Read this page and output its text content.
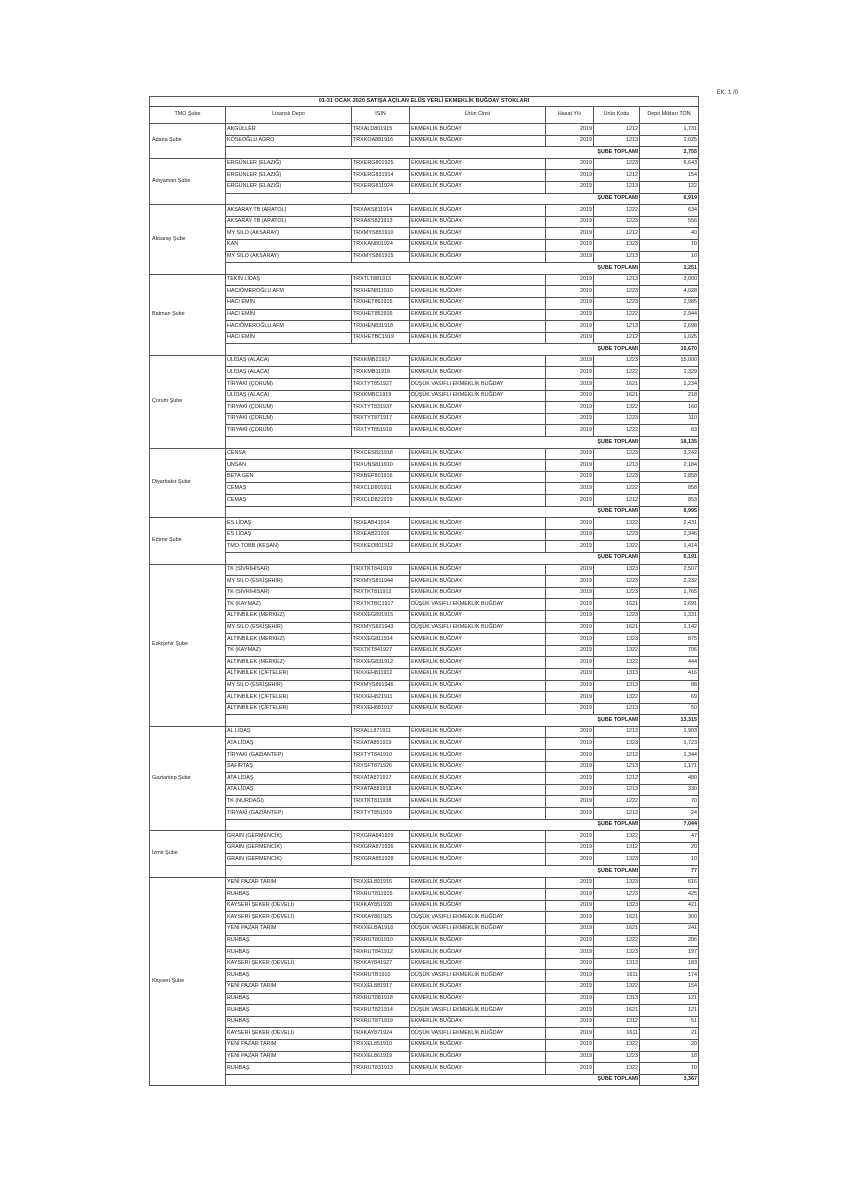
EK: 1 /0
01-31 OCAK 2020 SATIŞA AÇILAN ELÜS YERLİ EKMEKLİK BUĞDAY STOKLARI						
TMO Şube	Lisanslı Depo	ISIN	Ürün Cinsi	Hasat Yılı	Ürün Kodu	Depo Miktarı TON
Adana Şube	AKGÜLLER	TRXALD801915	EKMEKLİK BUĞDAY	2019	1212	1,731
	KÖSEOĞLU AGRO	TRXKOA881916	EKMEKLİK BUĞDAY	2019	1213	1,025
	ŞUBE TOPLAMI					2,755
Adıyaman Şube	ERGÜNLER (ELAZIĞ)	TRXERG801925	EKMEKLİK BUĞDAY	2019	1223	6,643
	ERGÜNLER (ELAZIĞ)	TRXERG831914	EKMEKLİK BUĞDAY	2019	1212	154
	ERGÜNLER (ELAZIĞ)	TRXERG811924	EKMEKLİK BUĞDAY	2019	1213	122
	ŞUBE TOPLAMI					6,919
Aksaray Şube	AKSARAY TB (ARATOL)	TRXAKS811914	EKMEKLİK BUĞDAY	2019	1222	634
	AKSARAY TB (ARATOL)	TRXAKS821913	EKMEKLİK BUĞDAY	2019	1223	556
	MY SILO (AKSARAY)	TRXMYS851910	EKMEKLİK BUĞDAY	2019	1212	40
	KAN	TRXKAN801924	EKMEKLİK BUĞDAY	2019	1323	10
	MY SILO (AKSARAY)	TRXMYS861915	EKMEKLİK BUĞDAY	2019	1213	10
	ŞUBE TOPLAMI					1,251
Batman Şube	TEKİN LİDAŞ	TRXTLT881913	EKMEKLİK BUĞDAY	2019	1213	3,000
	HACIÖMEROĞLU AFM	TRXHEN811910	EKMEKLİK BUĞDAY	2019	1223	4,028
	HACI EMİN	TRXHET861915	EKMEKLİK BUĞDAY	2019	1223	2,985
	HACI EMİN	TRXHET851916	EKMEKLİK BUĞDAY	2019	1222	2,944
	HACIÖMEROĞLU AFM	TRXHEN831918	EKMEKLİK BUĞDAY	2019	1213	2,698
	HACI EMİN	TRXHETBC1919	EKMEKLİK BUĞDAY	2019	1212	1,025
	ŞUBE TOPLAMI					16,670
Çorum Şube	ULİDAŞ (ALACA)	TRXKMB21917	EKMEKLİK BUĞDAY	2019	1223	15,000
	ULİDAŞ (ALACA)	TRXKMB11918	EKMEKLİK BUĞDAY	2019	1222	1,329
	TİRYAKİ (ÇORUM)	TRXTYT851927	DÜŞÜK VASIFLI EKMEKLİK BUĞDAY	2019	1621	1,234
	ULİDAŞ (ALACA)	TRXKMBC1919	DÜŞÜK VASIFLI EKMEKLİK BUĞDAY	2019	1621	218
	TİRYAKİ (ÇORUM)	TRXTYT831937	EKMEKLİK BUĞDAY	2019	1322	160
	TİRYAKİ (ÇORUM)	TRXTYT871917	EKMEKLİK BUĞDAY	2019	1223	110
	TİRYAKİ (ÇORUM)	TRXTYT851918	EKMEKLİK BUĞDAY	2019	1222	83
	ŞUBE TOPLAMI					18,135
Diyarbakır Şube	CENSA	TRXCES821918	EKMEKLİK BUĞDAY	2019	1223	3,242
	UNSAN	TRXUNS811910	EKMEKLİK BUĞDAY	2019	1213	2,184
	BETA GEN	TRXBEP801916	EKMEKLİK BUĞDAY	2019	1223	1,858
	CEMAŞ	TRXCLD801911	EKMEKLİK BUĞDAY	2019	1222	858
	CEMAŞ	TRXCLD821919	EKMEKLİK BUĞDAY	2019	1212	853
	ŞUBE TOPLAMI					8,995
Edirne Şube	ES LİDAŞ	TRXEAB41914	EKMEKLİK BUĞDAY	2019	1322	2,431
	ES LİDAŞ	TRXEAB21916	EKMEKLİK BUĞDAY	2019	1223	2,346
	TMO-TOBB (KEŞAN)	TRXKEO801912	EKMEKLİK BUĞDAY	2019	1322	1,414
	ŞUBE TOPLAMI					6,191
Eskişehir Şube	TK (SİVRİHİSAR)	TRXTKT841919	EKMEKLİK BUĞDAY	2019	1323	2,507
	MY SILO (ESKİŞEHİR)	TRXMYS811944	EKMEKLİK BUĞDAY	2019	1223	2,232
	TK (SİVRİHİSAR)	TRXTKT811912	EKMEKLİK BUĞDAY	2019	1223	1,765
	TK (KAYMAZ)	TRXTKTBC1917	DÜŞÜK VASIFLI EKMEKLİK BUĞDAY	2019	1621	1,691
	ALTINBİLEK (MERKEZ)	TRXXEG891915	EKMEKLİK BUĞDAY	2019	1223	1,331
	MY SILO (ESKİŞEHİR)	TRXMYS821943	DÜŞÜK VASIFLI EKMEKLİK BUĞDAY	2019	1621	1,142
	ALTINBİLEK (MERKEZ)	TRXXEG811914	EKMEKLİK BUĞDAY	2019	1323	875
	TK (KAYMAZ)	TRXTKT841927	EKMEKLİK BUĞDAY	2019	1322	706
	ALTINBİLEK (MERKEZ)	TRXXEG831912	EKMEKLİK BUĞDAY	2019	1322	444
	ALTINBİLEK (ÇİFTELER)	TRXXEH811912	EKMEKLİK BUĞDAY	2019	1313	416
	MY SILO (ESKİŞEHİR)	TRXMYS891946	EKMEKLİK BUĞDAY	2019	1313	88
	ALTINBİLEK (ÇİFTELER)	TRXXEH821911	EKMEKLİK BUĞDAY	2019	1322	69
	ALTINBİLEK (ÇİFTELER)	TRXXEH881917	EKMEKLİK BUĞDAY	2019	1213	50
	ŞUBE TOPLAMI					13,315
Gaziantep Şube	AL LİDAŞ	TRXALL871911	EKMEKLİK BUĞDAY	2019	1213	1,903
	ATA LİDAŞ	TRXATA851919	EKMEKLİK BUĞDAY	2019	1323	1,723
	TİRYAKİ (GAZİANTEP)	TRXTYT841910	EKMEKLİK BUĞDAY	2019	1212	1,344
	SAFİRTAŞ	TRXSFT871926	EKMEKLİK BUĞDAY	2019	1213	1,171
	ATA LİDAŞ	TRXATA871917	EKMEKLİK BUĞDAY	2019	1212	480
	ATA LİDAŞ	TRXATA881918	EKMEKLİK BUĞDAY	2019	1213	330
	TK (NURDAĞI)	TRXTKT811938	EKMEKLİK BUĞDAY	2019	1222	70
	TİRYAKİ (GAZİANTEP)	TRXTYT851919	EKMEKLİK BUĞDAY	2019	1213	24
	ŞUBE TOPLAMI					7,044
İzmir Şube	GRAIN (GERMENCİK)	TRXGRA841929	EKMEKLİK BUĞDAY	2019	1322	47
	GRAIN (GERMENCİK)	TRXGRA871926	EKMEKLİK BUĞDAY	2019	1312	20
	GRAIN (GERMENCİK)	TRXGRA851928	EKMEKLİK BUĞDAY	2019	1323	10
	ŞUBE TOPLAMI					77
Kayseri Şube	YENİ PAZAR TARIM	TRXXEL891916	EKMEKLİK BUĞDAY	2019	1323	616
	RUHBAŞ	TRXRUT811915	EKMEKLİK BUĞDAY	2019	1223	425
	KAYSERİ ŞEKER (DEVELİ)	TRXKAY851920	EKMEKLİK BUĞDAY	2019	1323	421
	KAYSERİ ŞEKER (DEVELİ)	TRXKAY861925	DÜŞÜK VASIFLI EKMEKLİK BUĞDAY	2019	1621	300
	YENİ PAZAR TARIM	TRXXELBA1918	DÜŞÜK VASIFLI EKMEKLİK BUĞDAY	2019	1621	241
	RUHBAŞ	TRXRUT801910	EKMEKLİK BUĞDAY	2019	1222	206
	RUHBAŞ	TRXRUT841912	EKMEKLİK BUĞDAY	2019	1323	197
	KAYSERİ ŞEKER (DEVELİ)	TRXKAY841927	EKMEKLİK BUĞDAY	2019	1313	183
	RUHBAŞ	TRXRUTB1910	DÜŞÜK VASIFLI EKMEKLİK BUĞDAY	2019	1611	174
	YENİ PAZAR TARIM	TRXXEL881917	EKMEKLİK BUĞDAY	2019	1322	154
	RUHBAŞ	TRXRUT881918	EKMEKLİK BUĞDAY	2019	1313	121
	RUHBAŞ	TRXRUT821914	DÜŞÜK VASIFLI EKMEKLİK BUĞDAY	2019	1621	121
	RUHBAŞ	TRXRUT871919	EKMEKLİK BUĞDAY	2019	1312	51
	KAYSERİ ŞEKER (DEVELİ)	TRXKAY871924	DÜŞÜK VASIFLI EKMEKLİK BUĞDAY	2019	1611	21
	YENİ PAZAR TARIM	TRXXEL851910	EKMEKLİK BUĞDAY	2019	1322	20
	YENİ PAZAR TARIM	TRXXEL861919	EKMEKLİK BUĞDAY	2019	1223	18
	RUHBAŞ	TRXRUT831913	EKMEKLİK BUĞDAY	2019	1322	10
	ŞUBE TOPLAMI					3,367
